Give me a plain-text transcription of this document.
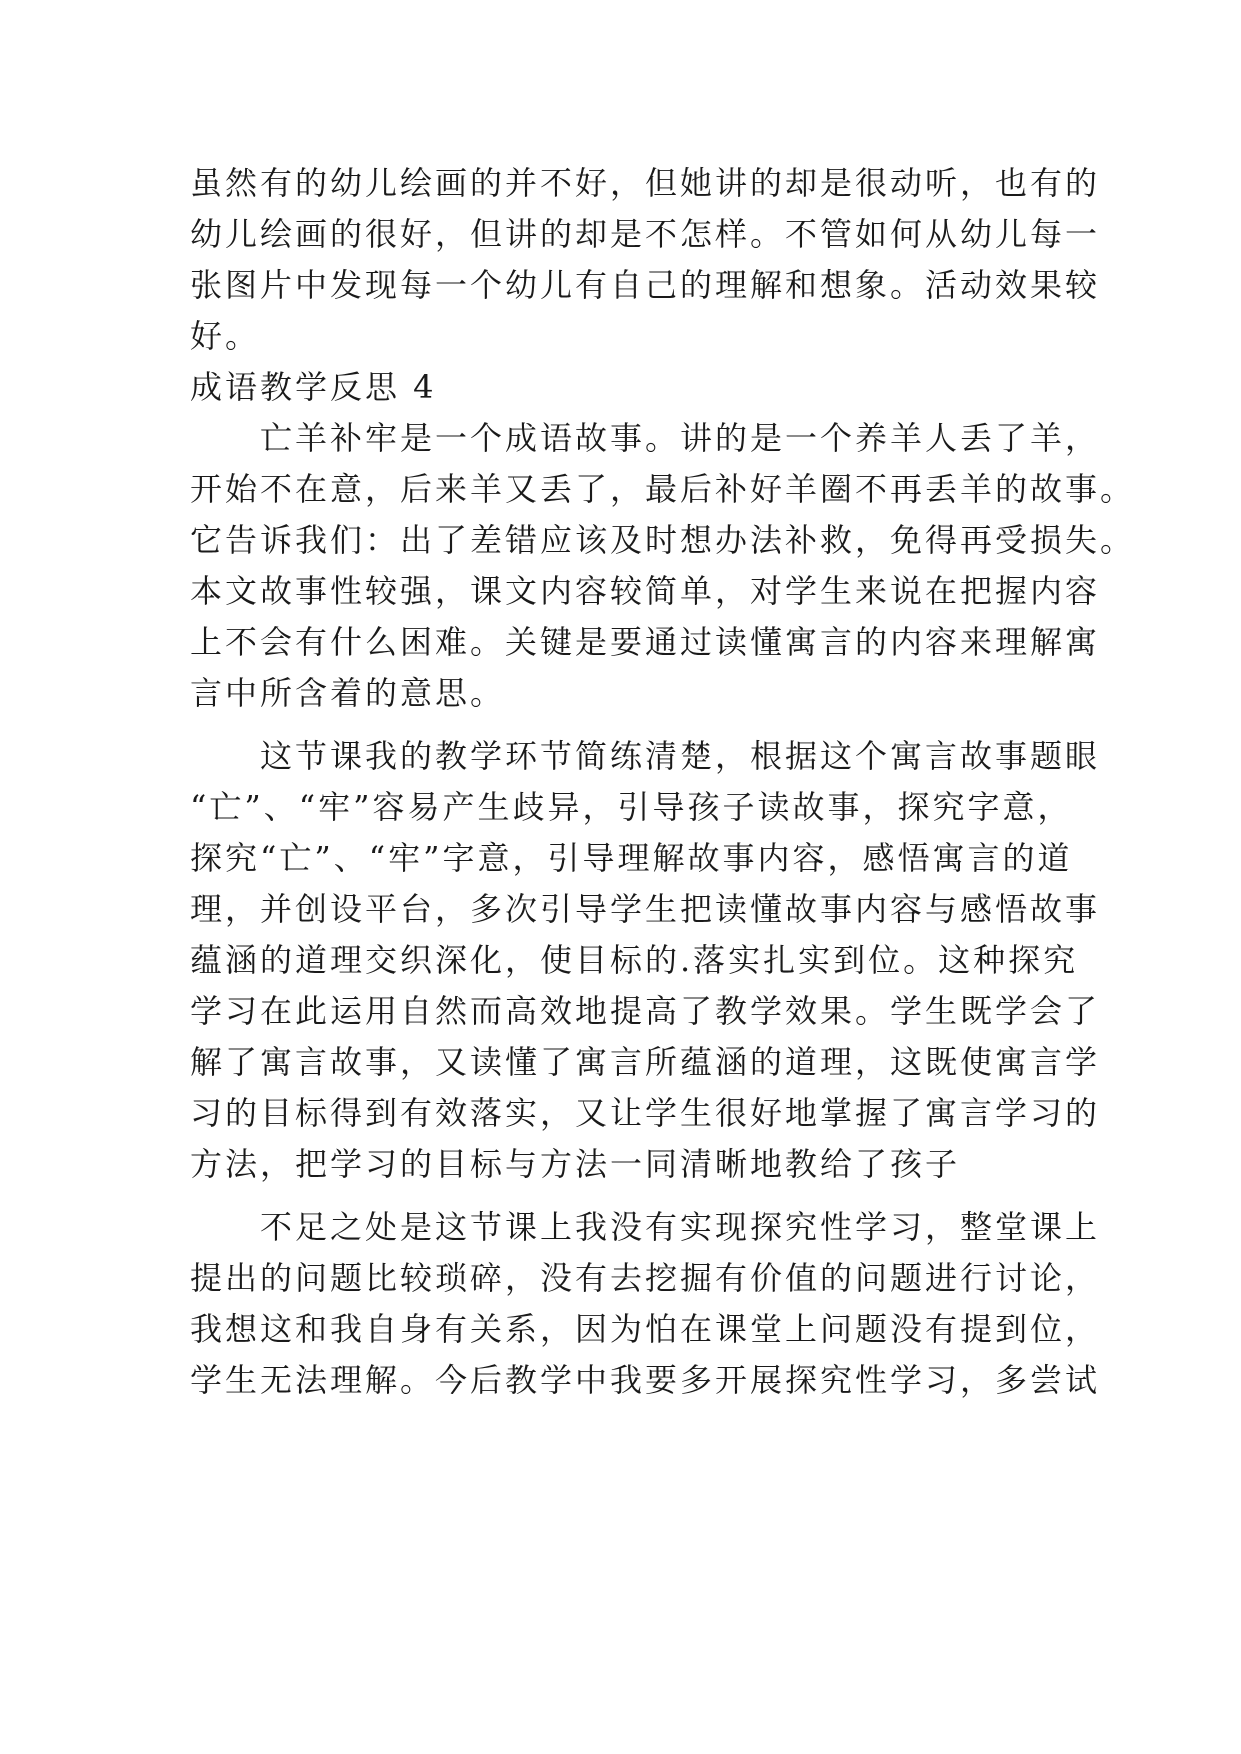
虽然有的幼儿绘画的并不好，但她讲的却是很动听，也有的
幼儿绘画的很好，但讲的却是不怎样。不管如何从幼儿每一
张图片中发现每一个幼儿有自己的理解和想象。活动效果较
好。
成语教学反思 4
　　亡羊补牢是一个成语故事。讲的是一个养羊人丢了羊，
开始不在意，后来羊又丢了，最后补好羊圈不再丢羊的故事。
它告诉我们：出了差错应该及时想办法补救，免得再受损失。
本文故事性较强，课文内容较简单，对学生来说在把握内容
上不会有什么困难。关键是要通过读懂寓言的内容来理解寓
言中所含着的意思。
　　这节课我的教学环节简练清楚，根据这个寓言故事题眼
“亡”、“牢”容易产生歧异，引导孩子读故事，探究字意，
探究“亡”、“牢”字意，引导理解故事内容，感悟寓言的道
理，并创设平台，多次引导学生把读懂故事内容与感悟故事
蕴涵的道理交织深化，使目标的.落实扎实到位。这种探究
学习在此运用自然而高效地提高了教学效果。学生既学会了
解了寓言故事，又读懂了寓言所蕴涵的道理，这既使寓言学
习的目标得到有效落实，又让学生很好地掌握了寓言学习的
方法，把学习的目标与方法一同清晰地教给了孩子
　　不足之处是这节课上我没有实现探究性学习，整堂课上
提出的问题比较琐碎，没有去挖掘有价值的问题进行讨论，
我想这和我自身有关系，因为怕在课堂上问题没有提到位，
学生无法理解。今后教学中我要多开展探究性学习，多尝试
